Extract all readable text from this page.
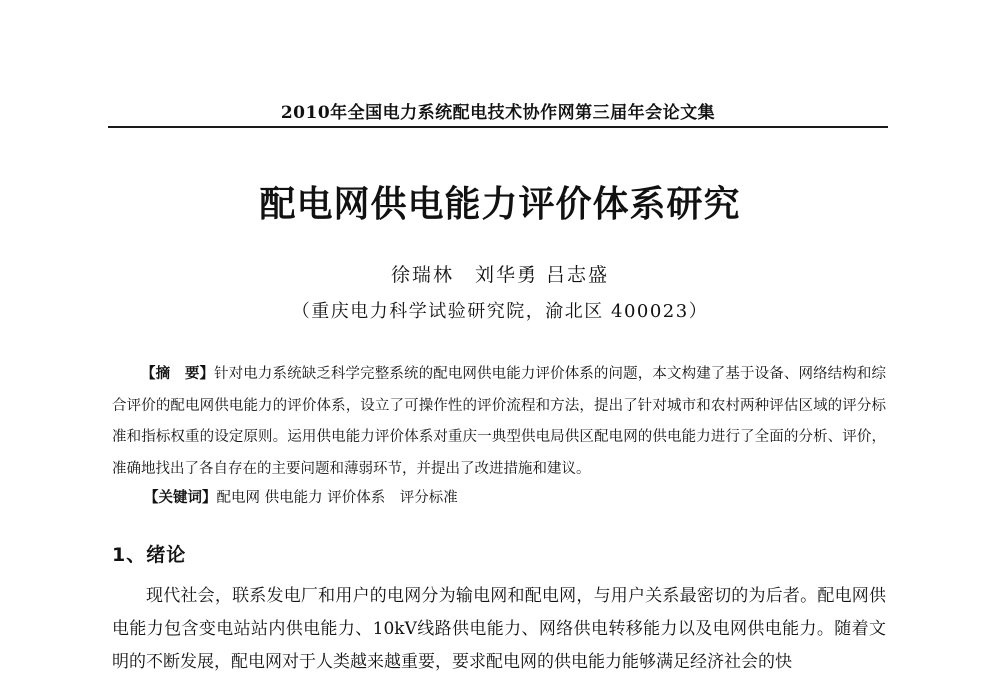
2010年全国电力系统配电技术协作网第三届年会论文集
配电网供电能力评价体系研究
徐瑞林　刘华勇 吕志盛
（重庆电力科学试验研究院，渝北区 400023）
【摘　要】针对电力系统缺乏科学完整系统的配电网供电能力评价体系的问题，本文构建了基于设备、网络结构和综合评价的配电网供电能力的评价体系，设立了可操作性的评价流程和方法，提出了针对城市和农村两种评估区域的评分标准和指标权重的设定原则。运用供电能力评价体系对重庆一典型供电局供区配电网的供电能力进行了全面的分析、评价，准确地找出了各自存在的主要问题和薄弱环节，并提出了改进措施和建议。
【关键词】配电网 供电能力 评价体系　评分标准
1、绪论
现代社会，联系发电厂和用户的电网分为输电网和配电网，与用户关系最密切的为后者。配电网供电能力包含变电站站内供电能力、10kV线路供电能力、网络供电转移能力以及电网供电能力。随着文明的不断发展，配电网对于人类越来越重要，要求配电网的供电能力能够满足经济社会的快
